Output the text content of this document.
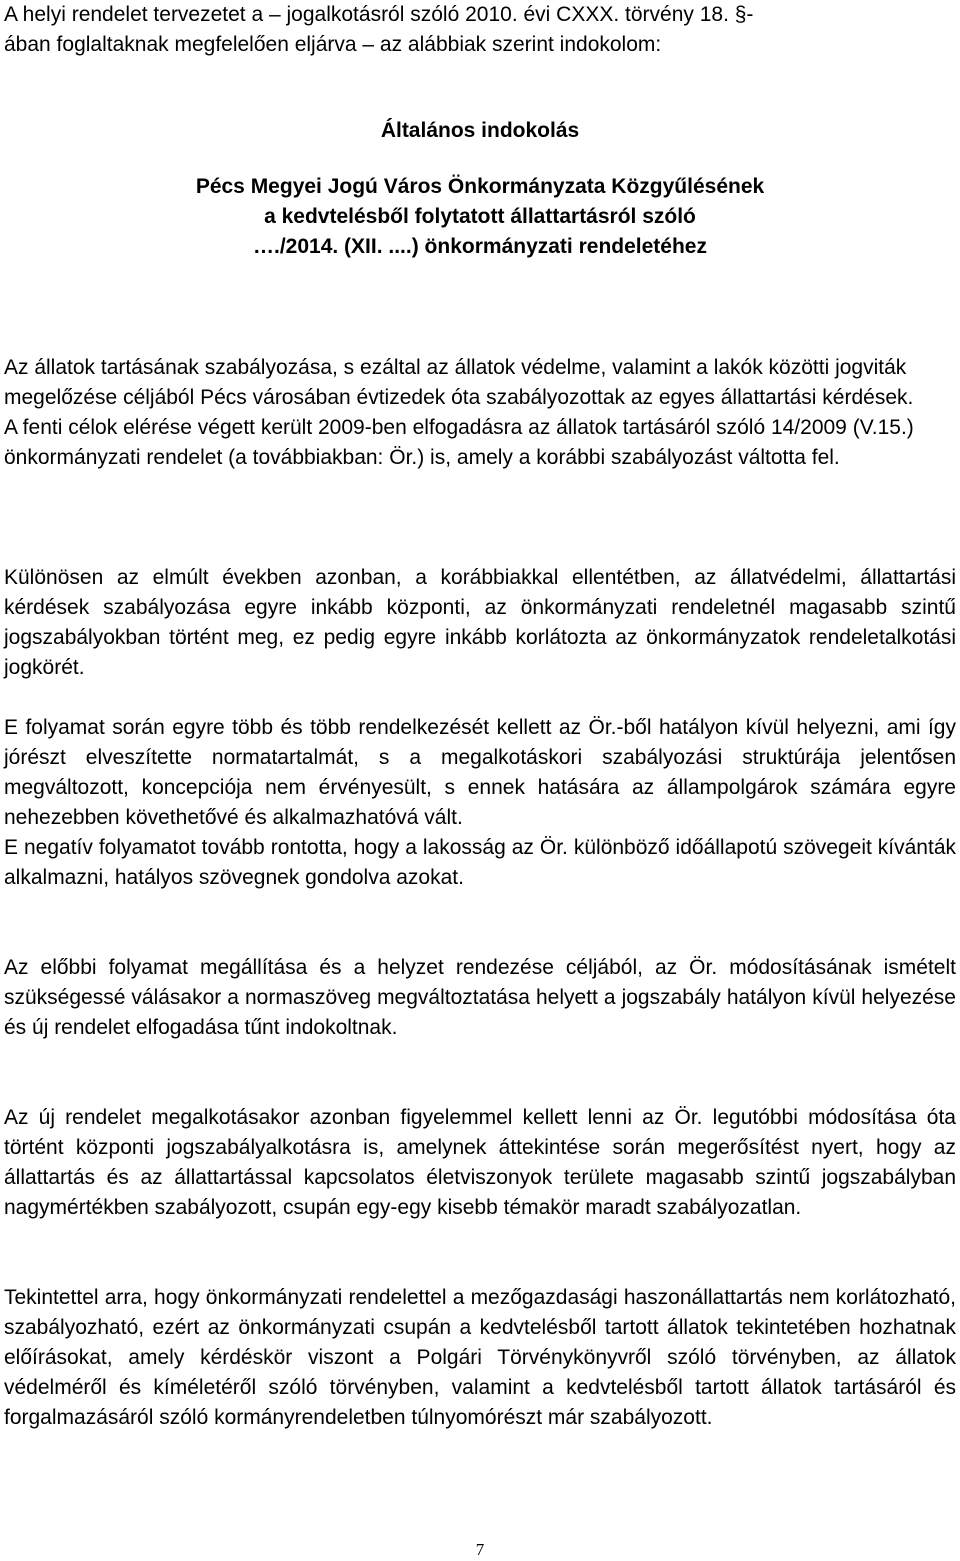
A helyi rendelet tervezetet a – jogalkotásról szóló 2010. évi CXXX. törvény 18. §-
ában foglaltaknak megfelelően eljárva – az alábbiak szerint indokolom:
Általános indokolás
Pécs Megyei Jogú Város Önkormányzata Közgyűlésének
a kedvtelésből folytatott állattartásról szóló
…./2014. (XII. ....) önkormányzati rendeletéhez
Az állatok tartásának szabályozása, s ezáltal az állatok védelme, valamint a lakók közötti jogviták megelőzése céljából Pécs városában évtizedek óta szabályozottak az egyes állattartási kérdések.
A fenti célok elérése végett került 2009-ben elfogadásra az állatok tartásáról szóló 14/2009 (V.15.) önkormányzati rendelet (a továbbiakban: Ör.) is, amely a korábbi szabályozást váltotta fel.
Különösen az elmúlt években azonban, a korábbiakkal ellentétben, az állatvédelmi, állattartási kérdések szabályozása egyre inkább központi, az önkormányzati rendeletnél magasabb szintű jogszabályokban történt meg, ez pedig egyre inkább korlátozta az önkormányzatok rendeletalkotási jogkörét.
E folyamat során egyre több és több rendelkezését kellett az Ör.-ből hatályon kívül helyezni, ami így jórészt elveszítette normatartalmát, s a megalkotáskori szabályozási struktúrája jelentősen megváltozott, koncepciója nem érvényesült, s ennek hatására az állampolgárok számára egyre nehezebben követhetővé és alkalmazhatóvá vált.
E negatív folyamatot tovább rontotta, hogy a lakosság az Ör. különböző időállapotú szövegeit kívánták alkalmazni, hatályos szövegnek gondolva azokat.
Az előbbi folyamat megállítása és a helyzet rendezése céljából, az Ör. módosításának ismételt szükségessé válásakor a normaszöveg megváltoztatása helyett a jogszabály hatályon kívül helyezése és új rendelet elfogadása tűnt indokoltnak.
Az új rendelet megalkotásakor azonban figyelemmel kellett lenni az Ör. legutóbbi módosítása óta történt központi jogszabályalkotásra is, amelynek áttekintése során megerősítést nyert, hogy az állattartás és az állattartással kapcsolatos életviszonyok területe magasabb szintű jogszabályban nagymértékben szabályozott, csupán egy-egy kisebb témakör maradt szabályozatlan.
Tekintettel arra, hogy önkormányzati rendelettel a mezőgazdasági haszonállattartás nem korlátozható, szabályozható, ezért az önkormányzati csupán a kedvtelésből tartott állatok tekintetében hozhatnak előírásokat, amely kérdéskör viszont a Polgári Törvénykönyvről szóló törvényben, az állatok védelméről és kíméletéről szóló törvényben, valamint a kedvtelésből tartott állatok tartásáról és forgalmazásáról szóló kormányrendeletben túlnyomórészt már szabályozott.
7
